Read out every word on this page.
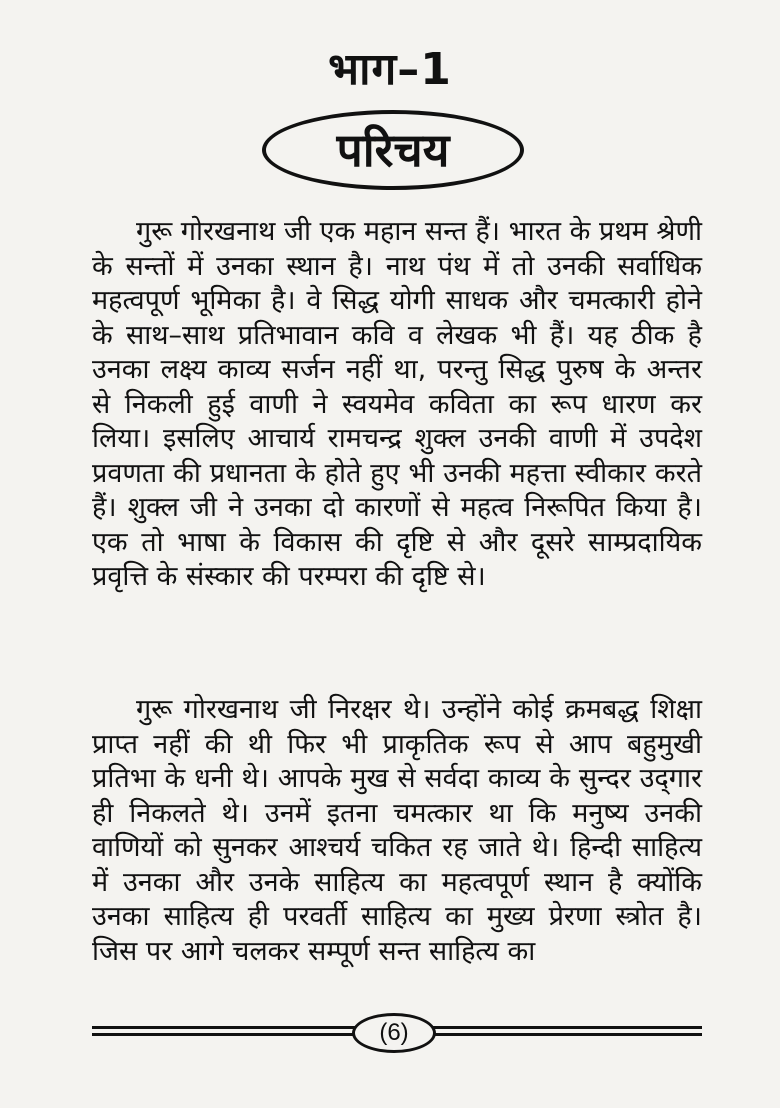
भाग–1
परिचय

गुरू गोरखनाथ जी एक महान सन्त हैं। भारत के प्रथम श्रेणी के सन्तों में उनका स्थान है। नाथ पंथ में तो उनकी सर्वाधिक महत्वपूर्ण भूमिका है। वे सिद्ध योगी साधक और चमत्कारी होने के साथ–साथ प्रतिभावान कवि व लेखक भी हैं। यह ठीक है उनका लक्ष्य काव्य सर्जन नहीं था, परन्तु सिद्ध पुरुष के अन्तर से निकली हुई वाणी ने स्वयमेव कविता का रूप धारण कर लिया। इसलिए आचार्य रामचन्द्र शुक्ल उनकी वाणी में उपदेश प्रवणता की प्रधानता के होते हुए भी उनकी महत्ता स्वीकार करते हैं। शुक्ल जी ने उनका दो कारणों से महत्व निरूपित किया है। एक तो भाषा के विकास की दृष्टि से और दूसरे साम्प्रदायिक प्रवृत्ति के संस्कार की परम्परा की दृष्टि से।

गुरू गोरखनाथ जी निरक्षर थे। उन्होंने कोई क्रमबद्ध शिक्षा प्राप्त नहीं की थी फिर भी प्राकृतिक रूप से आप बहुमुखी प्रतिभा के धनी थे। आपके मुख से सर्वदा काव्य के सुन्दर उद्‌गार ही निकलते थे। उनमें इतना चमत्कार था कि मनुष्य उनकी वाणियों को सुनकर आश्चर्य चकित रह जाते थे। हिन्दी साहित्य में उनका और उनके साहित्य का महत्वपूर्ण स्थान है क्योंकि उनका साहित्य ही परवर्ती साहित्य का मुख्य प्रेरणा स्त्रोत है। जिस पर आगे चलकर सम्पूर्ण सन्त साहित्य का

(6)
